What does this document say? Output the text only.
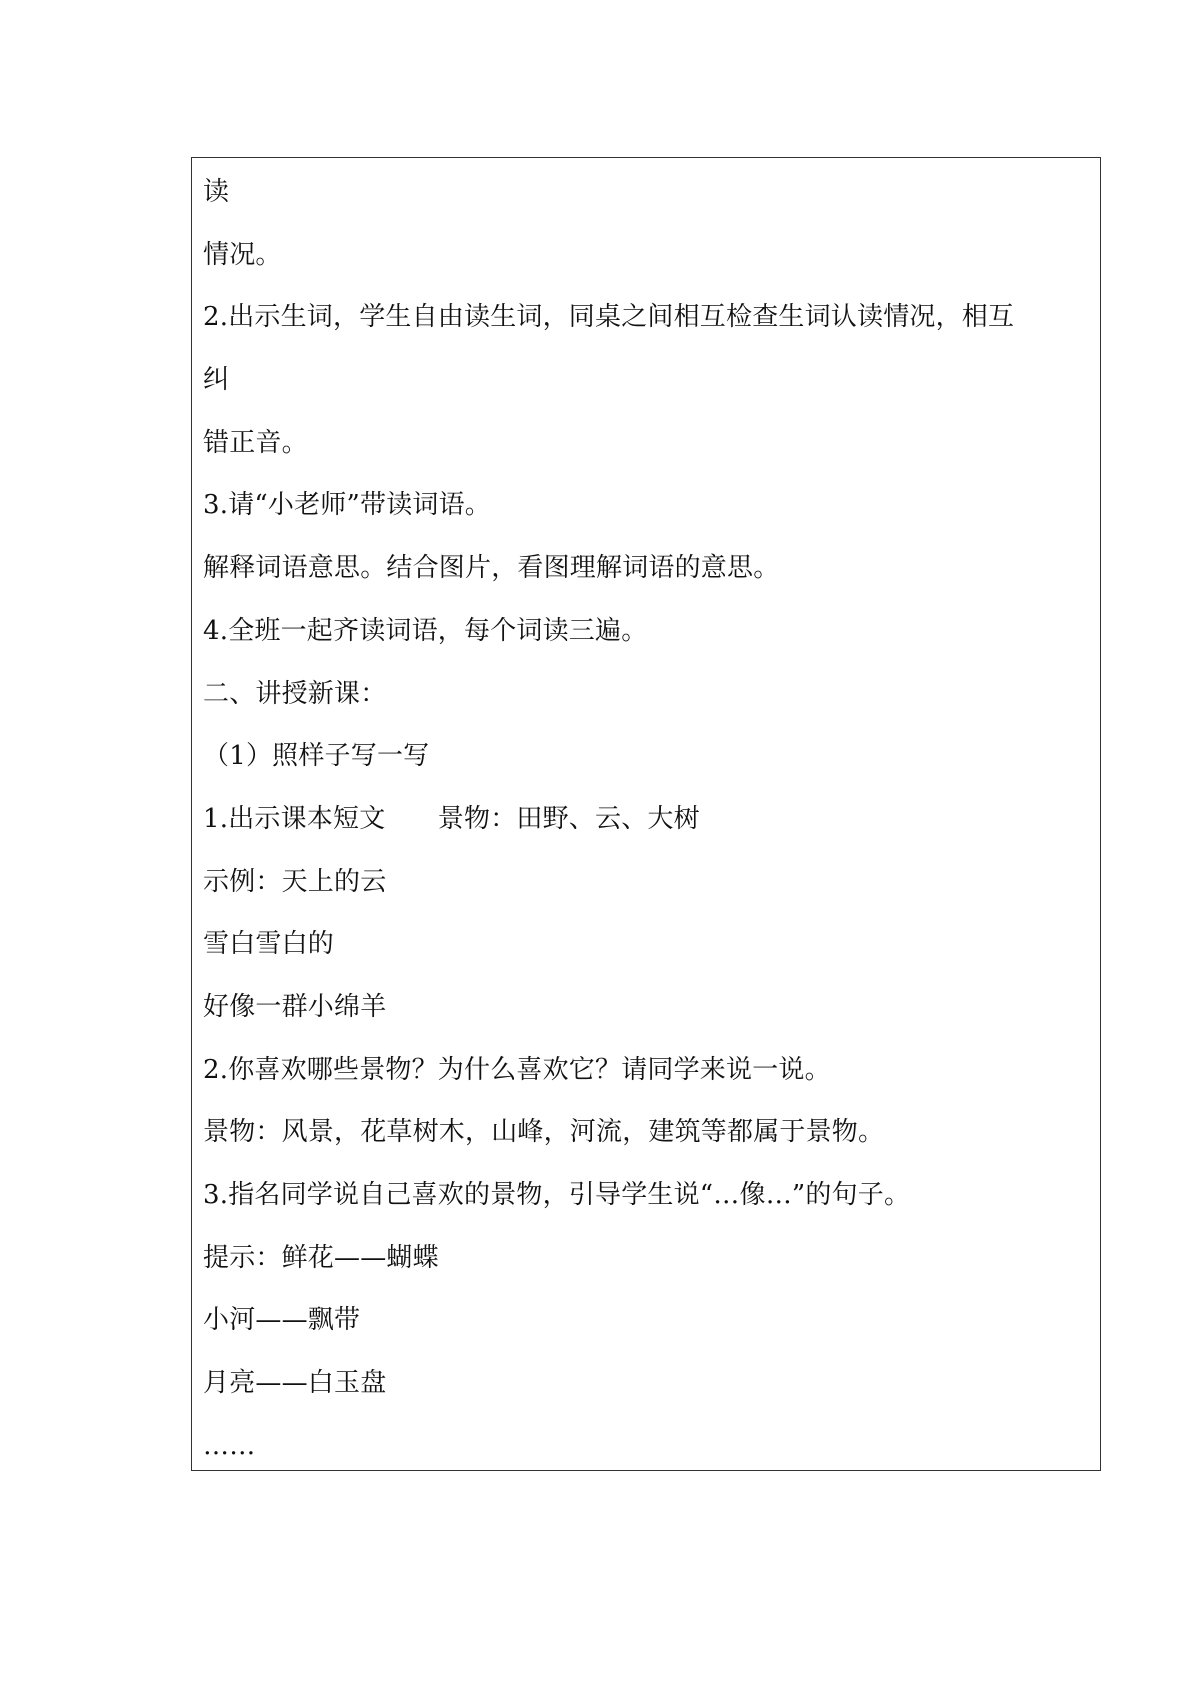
读
情况。
2.出示生词，学生自由读生词，同桌之间相互检查生词认读情况，相互
纠
错正音。
3.请“小老师”带读词语。
解释词语意思。结合图片，看图理解词语的意思。
4.全班一起齐读词语，每个词读三遍。
二、讲授新课：
（1）照样子写一写
1.出示课本短文　　景物：田野、云、大树
示例：天上的云
雪白雪白的
好像一群小绵羊
2.你喜欢哪些景物？为什么喜欢它？请同学来说一说。
景物：风景，花草树木，山峰，河流，建筑等都属于景物。
3.指名同学说自己喜欢的景物，引导学生说“…像…”的句子。
提示：鲜花——蝴蝶
小河——飘带
月亮——白玉盘
……
